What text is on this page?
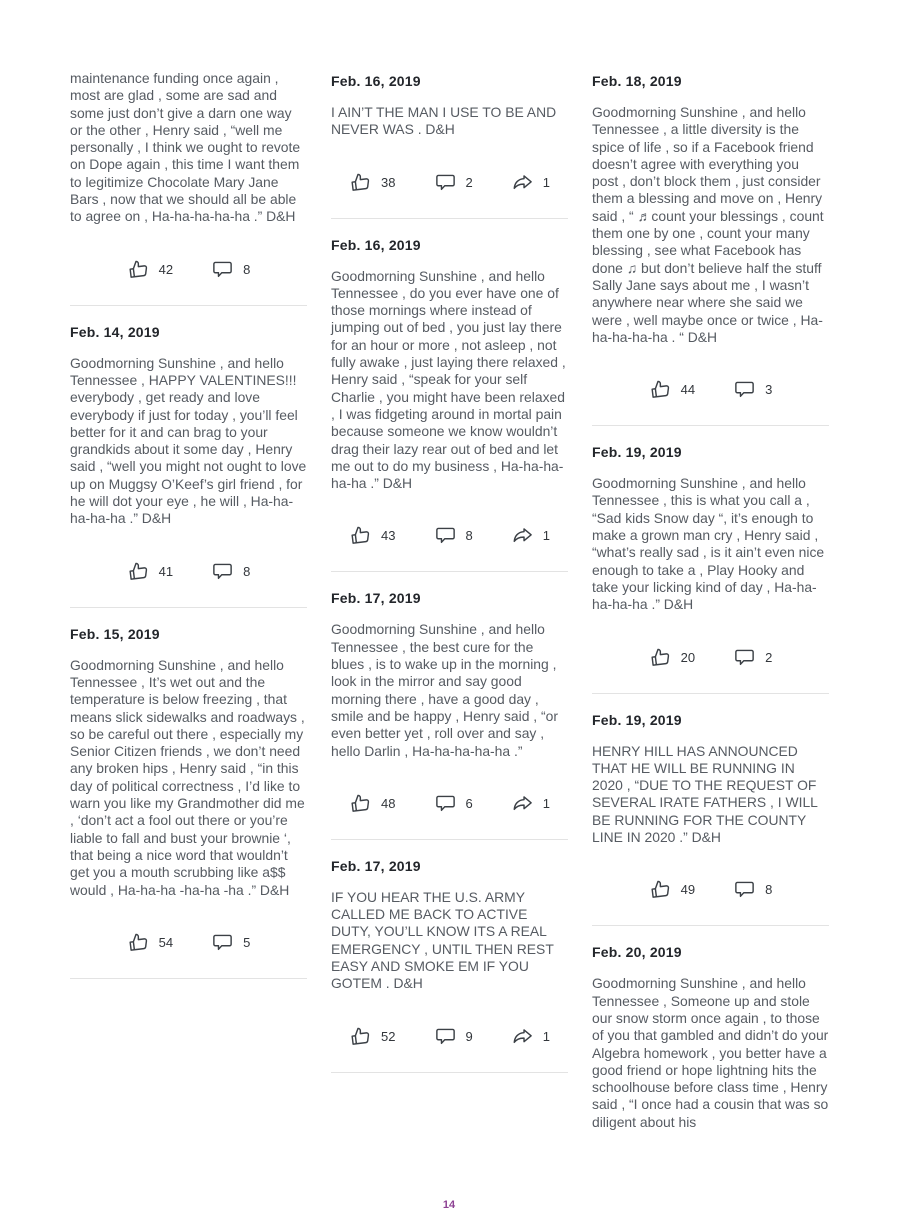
maintenance funding once again , most are glad , some are sad and some just don’t give a darn one way or the other , Henry said , “well me personally , I think we ought to revote on Dope again , this time I want them to legitimize Chocolate Mary Jane Bars , now that we should all be able to agree on , Ha-ha-ha-ha-ha .” D&H

42	8
Feb. 14, 2019

Goodmorning Sunshine , and hello Tennessee , HAPPY VALENTINES!!! everybody , get ready and love everybody if just for today , you’ll feel better for it and can brag to your grandkids about it some day , Henry said , “well you might not ought to love up on Muggsy O’Keef’s girl friend , for he will dot your eye , he will , Ha-ha-ha-ha-ha .” D&H

41	8
Feb. 15, 2019

Goodmorning Sunshine , and hello Tennessee , It’s wet out and the temperature is below freezing , that means slick sidewalks and roadways , so be careful out there , especially my Senior Citizen friends , we don’t need any broken hips , Henry said , “in this day of political correctness , I’d like to warn you like my Grandmother did me , ‘don’t act a fool out there or you’re liable to fall and bust your brownie ‘, that being a nice word that wouldn’t get you a mouth scrubbing like a$$ would , Ha-ha-ha -ha-ha -ha .” D&H

54	5
Feb. 16, 2019

I AIN’T THE MAN I USE TO BE AND NEVER WAS . D&H

38	2	1
Feb. 16, 2019

Goodmorning Sunshine , and hello Tennessee , do you ever have one of those mornings where instead of jumping out of bed , you just lay there for an hour or more , not asleep , not fully awake , just laying there relaxed , Henry said , “speak for your self Charlie , you might have been relaxed , I was fidgeting around in mortal pain because someone we know wouldn’t drag their lazy rear out of bed and let me out to do my business , Ha-ha-ha-ha-ha .” D&H

43	8	1
Feb. 17, 2019

Goodmorning Sunshine , and hello Tennessee , the best cure for the blues , is to wake up in the morning , look in the mirror and say good morning there , have a good day , smile and be happy , Henry said , “or even better yet , roll over and say , hello Darlin , Ha-ha-ha-ha-ha .”

48	6	1
Feb. 17, 2019

IF YOU HEAR THE U.S. ARMY CALLED ME BACK TO ACTIVE DUTY, YOU’LL KNOW ITS A REAL EMERGENCY , UNTIL THEN REST EASY AND SMOKE EM IF YOU GOTEM . D&H

52	9	1
Feb. 18, 2019

Goodmorning Sunshine , and hello Tennessee , a little diversity is the spice of life , so if a Facebook friend doesn’t agree with everything you post , don’t block them , just consider them a blessing and move on , Henry said , “ ♬count your blessings , count them one by one , count your many blessing , see what Facebook has done ♫ but don’t believe half the stuff Sally Jane says about me , I wasn’t anywhere near where she said we were , well maybe once or twice , Ha-ha-ha-ha-ha . “ D&H

44	3
Feb. 19, 2019

Goodmorning Sunshine , and hello Tennessee , this is what you call a , “Sad kids Snow day “, it’s enough to make a grown man cry , Henry said , “what’s really sad , is it ain’t even nice enough to take a , Play Hooky and take your licking kind of day , Ha-ha-ha-ha-ha .” D&H

20	2
Feb. 19, 2019

HENRY HILL HAS ANNOUNCED THAT HE WILL BE RUNNING IN 2020 , “DUE TO THE REQUEST OF SEVERAL IRATE FATHERS , I WILL BE RUNNING FOR THE COUNTY LINE IN 2020 .” D&H

49	8
Feb. 20, 2019

Goodmorning Sunshine , and hello Tennessee , Someone up and stole our snow storm once again , to those of you that gambled and didn’t do your Algebra homework , you better have a good friend or hope lightning hits the schoolhouse before class time , Henry said , “I once had a cousin that was so diligent about his

14
